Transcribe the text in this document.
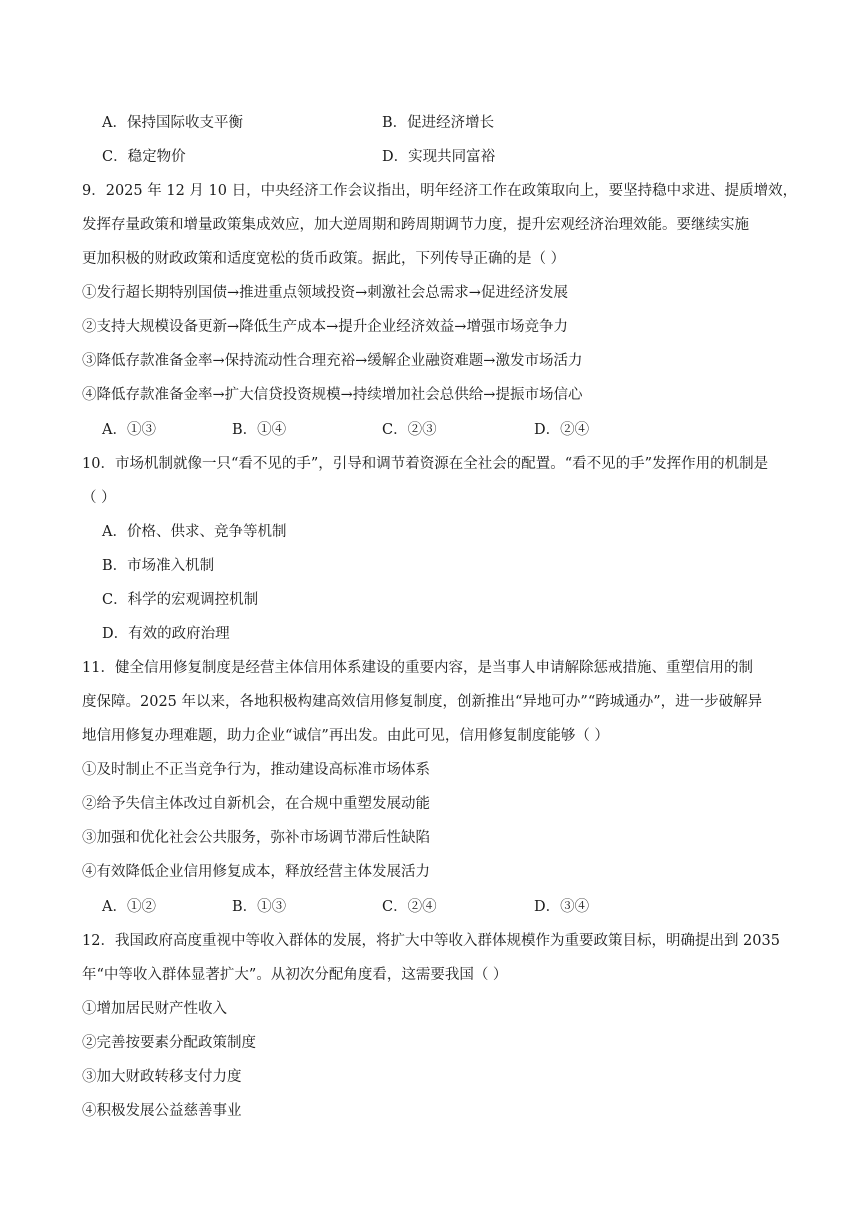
A．保持国际收支平衡	B．促进经济增长
C．稳定物价	D．实现共同富裕
9．2025 年 12 月 10 日，中央经济工作会议指出，明年经济工作在政策取向上，要坚持稳中求进、提质增效，
发挥存量政策和增量政策集成效应，加大逆周期和跨周期调节力度，提升宏观经济治理效能。要继续实施
更加积极的财政政策和适度宽松的货币政策。据此，下列传导正确的是（ ）
①发行超长期特别国债→推进重点领域投资→刺激社会总需求→促进经济发展
②支持大规模设备更新→降低生产成本→提升企业经济效益→增强市场竞争力
③降低存款准备金率→保持流动性合理充裕→缓解企业融资难题→激发市场活力
④降低存款准备金率→扩大信贷投资规模→持续增加社会总供给→提振市场信心
A．①③	B．①④	C．②③	D．②④
10．市场机制就像一只“看不见的手”，引导和调节着资源在全社会的配置。“看不见的手”发挥作用的机制是
（ ）
A．价格、供求、竞争等机制
B．市场准入机制
C．科学的宏观调控机制
D．有效的政府治理
11．健全信用修复制度是经营主体信用体系建设的重要内容，是当事人申请解除惩戒措施、重塑信用的制
度保障。2025 年以来，各地积极构建高效信用修复制度，创新推出“异地可办”“跨城通办”，进一步破解异
地信用修复办理难题，助力企业“诚信”再出发。由此可见，信用修复制度能够（ ）
①及时制止不正当竞争行为，推动建设高标准市场体系
②给予失信主体改过自新机会，在合规中重塑发展动能
③加强和优化社会公共服务，弥补市场调节滞后性缺陷
④有效降低企业信用修复成本，释放经营主体发展活力
A．①②	B．①③	C．②④	D．③④
12．我国政府高度重视中等收入群体的发展，将扩大中等收入群体规模作为重要政策目标，明确提出到 2035
年“中等收入群体显著扩大”。从初次分配角度看，这需要我国（ ）
①增加居民财产性收入
②完善按要素分配政策制度
③加大财政转移支付力度
④积极发展公益慈善事业
